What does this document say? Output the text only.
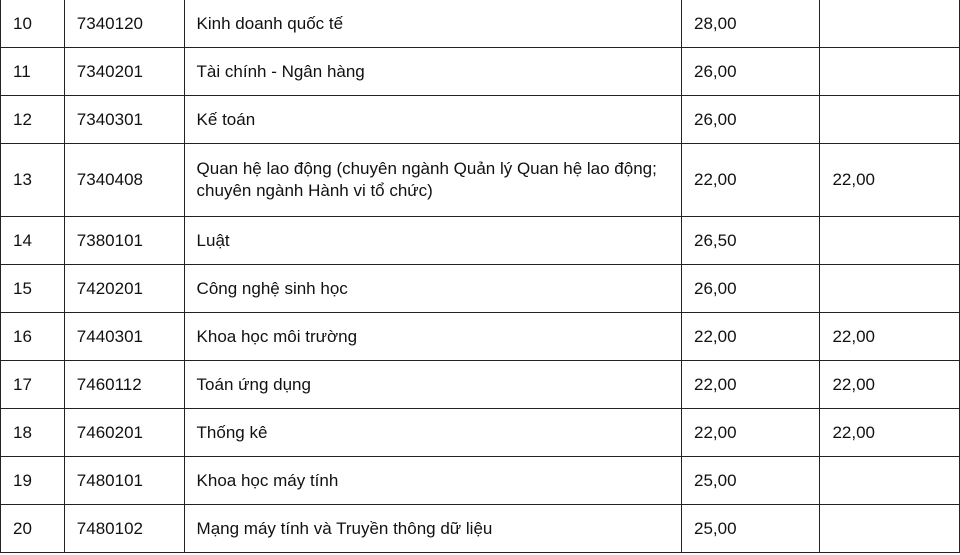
10	7340120	Kinh doanh quốc tế	28,00	
11	7340201	Tài chính - Ngân hàng	26,00	
12	7340301	Kế toán	26,00	
13	7340408	Quan hệ lao động (chuyên ngành Quản lý Quan hệ lao động; chuyên ngành Hành vi tổ chức)	22,00	22,00
14	7380101	Luật	26,50	
15	7420201	Công nghệ sinh học	26,00	
16	7440301	Khoa học môi trường	22,00	22,00
17	7460112	Toán ứng dụng	22,00	22,00
18	7460201	Thống kê	22,00	22,00
19	7480101	Khoa học máy tính	25,00	
20	7480102	Mạng máy tính và Truyền thông dữ liệu	25,00	
